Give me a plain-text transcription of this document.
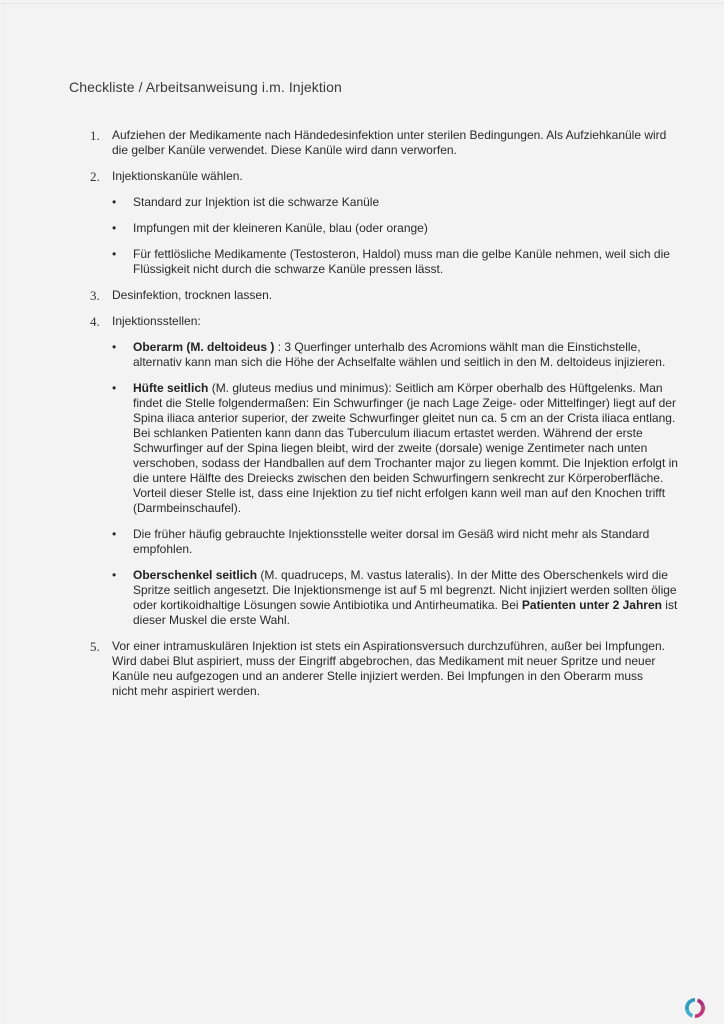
Checkliste / Arbeitsanweisung i.m. Injektion
1. Aufziehen der Medikamente nach Händedesinfektion unter sterilen Bedingungen. Als Aufziehkanüle wird die gelber Kanüle verwendet. Diese Kanüle wird dann verworfen.
2. Injektionskanüle wählen.
• Standard zur Injektion ist die schwarze Kanüle
• Impfungen mit der kleineren Kanüle, blau (oder orange)
• Für fettlösliche Medikamente (Testosteron, Haldol) muss man die gelbe Kanüle nehmen, weil sich die Flüssigkeit nicht durch die schwarze Kanüle pressen lässt.
3. Desinfektion, trocknen lassen.
4. Injektionsstellen:
• Oberarm (M. deltoideus ) : 3 Querfinger unterhalb des Acromions wählt man die Einstichstelle, alternativ kann man sich die Höhe der Achselfalte wählen und seitlich in den M. deltoideus injizieren.
• Hüfte seitlich (M. gluteus medius und minimus): Seitlich am Körper oberhalb des Hüftgelenks. Man findet die Stelle folgendermaßen: Ein Schwurfinger (je nach Lage Zeige- oder Mittelfinger) liegt auf der Spina iliaca anterior superior, der zweite Schwurfinger gleitet nun ca. 5 cm an der Crista iliaca entlang. Bei schlanken Patienten kann dann das Tuberculum iliacum ertastet werden. Während der erste Schwurfinger auf der Spina liegen bleibt, wird der zweite (dorsale) wenige Zentimeter nach unten verschoben, sodass der Handballen auf dem Trochanter major zu liegen kommt. Die Injektion erfolgt in die untere Hälfte des Dreiecks zwischen den beiden Schwurfingern senkrecht zur Körperoberfläche. Vorteil dieser Stelle ist, dass eine Injektion zu tief nicht erfolgen kann weil man auf den Knochen trifft (Darmbeinschaufel).
• Die früher häufig gebrauchte Injektionsstelle weiter dorsal im Gesäß wird nicht mehr als Standard empfohlen.
• Oberschenkel seitlich (M. quadruceps, M. vastus lateralis). In der Mitte des Oberschenkels wird die Spritze seitlich angesetzt. Die Injektionsmenge ist auf 5 ml begrenzt. Nicht injiziert werden sollten ölige oder kortikoidhaltige Lösungen sowie Antibiotika und Antirheumatika. Bei Patienten unter 2 Jahren ist dieser Muskel die erste Wahl.
5. Vor einer intramuskulären Injektion ist stets ein Aspirationsversuch durchzuführen, außer bei Impfungen. Wird dabei Blut aspiriert, muss der Eingriff abgebrochen, das Medikament mit neuer Spritze und neuer Kanüle neu aufgezogen und an anderer Stelle injiziert werden. Bei Impfungen in den Oberarm muss nicht mehr aspiriert werden.
